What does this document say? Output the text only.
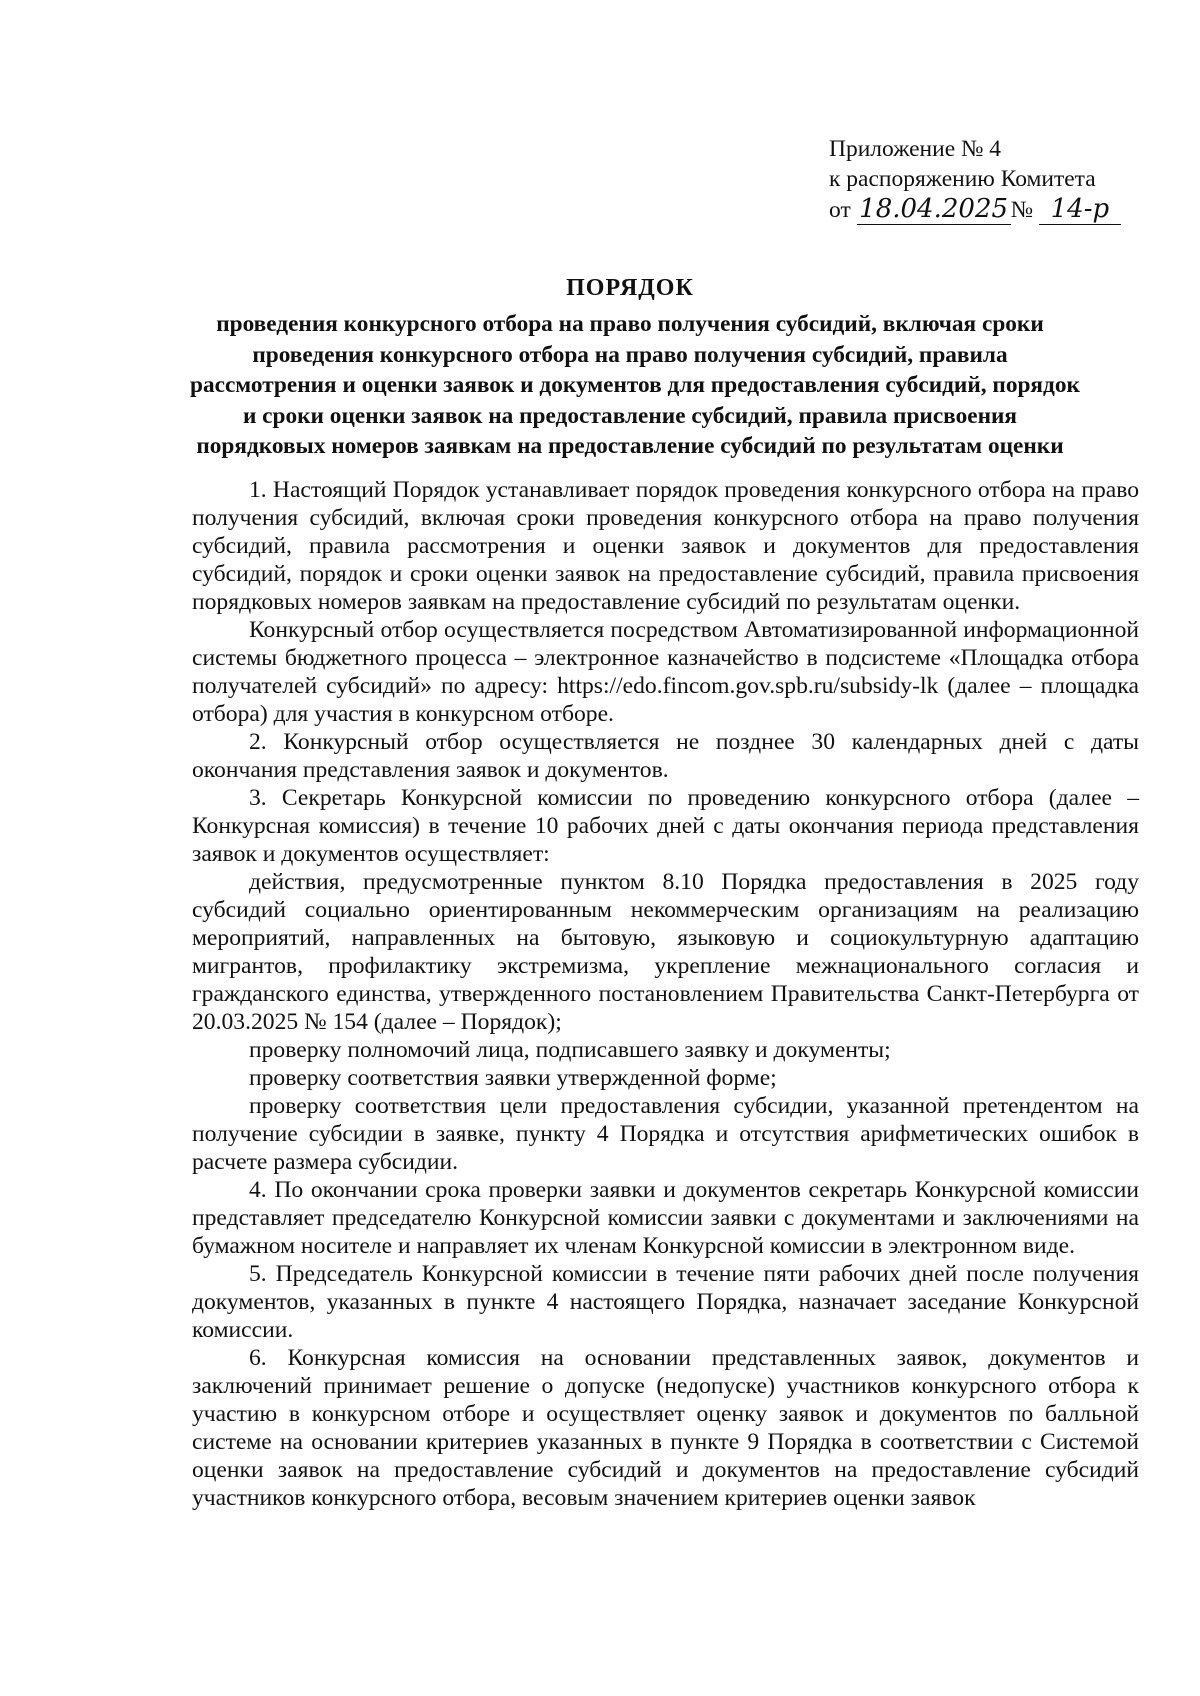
Приложение № 4
к распоряжению Комитета
от 18.04.2025 № 14-р
ПОРЯДОК
проведения конкурсного отбора на право получения субсидий, включая сроки
проведения конкурсного отбора на право получения субсидий, правила
рассмотрения и оценки заявок и документов для предоставления субсидий, порядок
и сроки оценки заявок на предоставление субсидий, правила присвоения
порядковых номеров заявкам на предоставление субсидий по результатам оценки

1. Настоящий Порядок устанавливает порядок проведения конкурсного отбора на право получения субсидий, включая сроки проведения конкурсного отбора на право получения субсидий, правила рассмотрения и оценки заявок и документов для предоставления субсидий, порядок и сроки оценки заявок на предоставление субсидий, правила присвоения порядковых номеров заявкам на предоставление субсидий по результатам оценки.

Конкурсный отбор осуществляется посредством Автоматизированной информационной системы бюджетного процесса – электронное казначейство в подсистеме «Площадка отбора получателей субсидий» по адресу: https://edo.fincom.gov.spb.ru/subsidy-lk (далее – площадка отбора) для участия в конкурсном отборе.

2. Конкурсный отбор осуществляется не позднее 30 календарных дней с даты окончания представления заявок и документов.

3. Секретарь Конкурсной комиссии по проведению конкурсного отбора (далее – Конкурсная комиссия) в течение 10 рабочих дней с даты окончания периода представления заявок и документов осуществляет:

действия, предусмотренные пунктом 8.10 Порядка предоставления в 2025 году субсидий социально ориентированным некоммерческим организациям на реализацию мероприятий, направленных на бытовую, языковую и социокультурную адаптацию мигрантов, профилактику экстремизма, укрепление межнационального согласия и гражданского единства, утвержденного постановлением Правительства Санкт-Петербурга от 20.03.2025 № 154 (далее – Порядок);

проверку полномочий лица, подписавшего заявку и документы;

проверку соответствия заявки утвержденной форме;

проверку соответствия цели предоставления субсидии, указанной претендентом на получение субсидии в заявке, пункту 4 Порядка и отсутствия арифметических ошибок в расчете размера субсидии.

4. По окончании срока проверки заявки и документов секретарь Конкурсной комиссии представляет председателю Конкурсной комиссии заявки с документами и заключениями на бумажном носителе и направляет их членам Конкурсной комиссии в электронном виде.

5. Председатель Конкурсной комиссии в течение пяти рабочих дней после получения документов, указанных в пункте 4 настоящего Порядка, назначает заседание Конкурсной комиссии.

6. Конкурсная комиссия на основании представленных заявок, документов и заключений принимает решение о допуске (недопуске) участников конкурсного отбора к участию в конкурсном отборе и осуществляет оценку заявок и документов по балльной системе на основании критериев указанных в пункте 9 Порядка в соответствии с Системой оценки заявок на предоставление субсидий и документов на предоставление субсидий участников конкурсного отбора, весовым значением критериев оценки заявок
